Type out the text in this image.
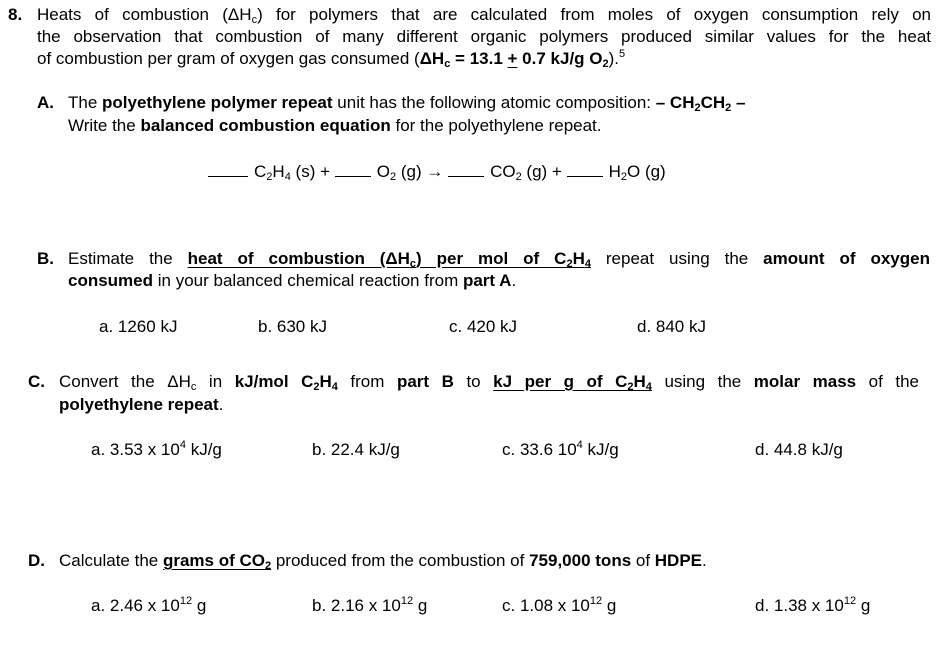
8. Heats of combustion $(\Delta H_c)$ for polymers that are calculated from moles of oxygen consumption rely on
the observation that combustion of many different organic polymers produced similar values for the heat
of combustion per gram of oxygen gas consumed ($\Delta H_c = 13.1 + 0.7$ kJ/g $O_2).^5$
A. The polyethylene polymer repeat unit has the following atomic composition: – $CH_2CH_2$ –
Write the balanced combustion equation for the polyethylene repeat.
$C_2H_4$ (s) +	$O_2$ (g) →	$CO_2$ (g) +	$H_2O$ (g)
B. Estimate the heat of combustion $(\Delta H_c)$ per mol of $C_2H_4$ repeat using the amount of oxygen
consumed in your balanced chemical reaction from part A.
a. 1260 kJ	b. 630 kJ	c. 420 kJ	d. 840 kJ
C. Convert the $\Delta H_c$ in kJ/mol $C_2H_4$ from part B to kJ per g of $C_2H_4$ using the molar mass of the
polyethylene repeat.
a. 3.53 x $10^4$ kJ/g	b. 22.4 kJ/g	c. 33.6 $10^4$ kJ/g	d. 44.8 kJ/g
D. Calculate the grams of $CO_2$ produced from the combustion of 759,000 tons of HDPE.
a. 2.46 x $10^{12}$ g	b. 2.16 x $10^{12}$ g	c. 1.08 x $10^{12}$ g	d. 1.38 x $10^{12}$ g
